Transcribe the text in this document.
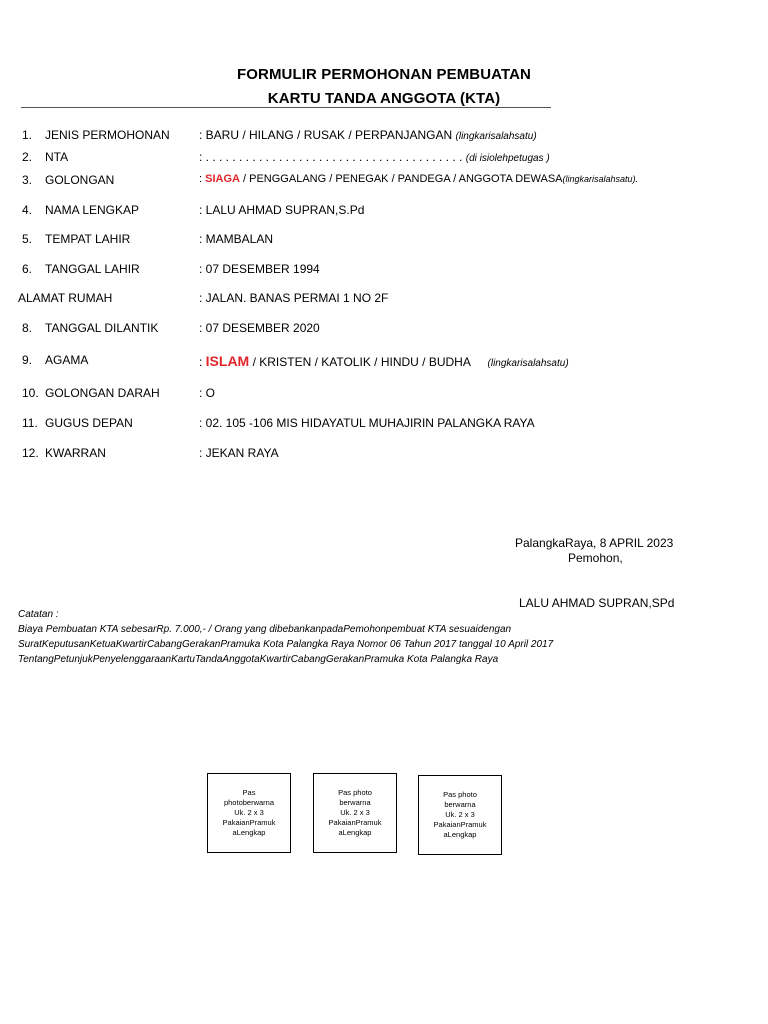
FORMULIR PERMOHONAN PEMBUATAN
KARTU TANDA ANGGOTA (KTA)
1. JENIS PERMOHONAN : BARU / HILANG / RUSAK / PERPANJANGAN (lingkarisalahsatu)
2. NTA	: . . . . . . . . . . . . . . . . . . . . . . . . . . . . . . . . . . . . . . . (di isiolehpetugas )
3. GOLONGAN	: SIAGA / PENGGALANG / PENEGAK / PANDEGA / ANGGOTA DEWASA(lingkarisalahsatu).
4. NAMA LENGKAP	: LALU AHMAD SUPRAN,S.Pd
5. TEMPAT LAHIR	: MAMBALAN
6. TANGGAL LAHIR	: 07 DESEMBER 1994
ALAMAT RUMAH	: JALAN. BANAS PERMAI 1 NO 2F
8. TANGGAL DILANTIK	: 07 DESEMBER 2020
9. AGAMA	: ISLAM / KRISTEN / KATOLIK / HINDU / BUDHA (lingkarisalahsatu)
10. GOLONGAN DARAH	: O
11. GUGUS DEPAN	: 02. 105 -106 MIS HIDAYATUL MUHAJIRIN PALANGKA RAYA
12. KWARRAN	: JEKAN RAYA
PalangkaRaya, 8 APRIL 2023
Pemohon,
LALU AHMAD SUPRAN,SPd
Catatan :
Biaya Pembuatan KTA sebesarRp. 7.000,- / Orang yang dibebankanpadaPemohonpembuat KTA sesuaidengan
SuratKeputusanKetuaKwartirCabangGerakanPramuka Kota Palangka Raya Nomor 06 Tahun 2017 tanggal 10 April 2017
TentangPetunjukPenyelenggaraanKartuTandaAnggotaKwartirCabangGerakanPramuka Kota Palangka Raya
Pas
photoberwarna
Uk. 2 x 3
PakaianPramuk
aLengkap
Pas photo
berwarna
Uk. 2 x 3
PakaianPramuk
aLengkap
Pas photo
berwarna
Uk. 2 x 3
PakaianPramuk
aLengkap
